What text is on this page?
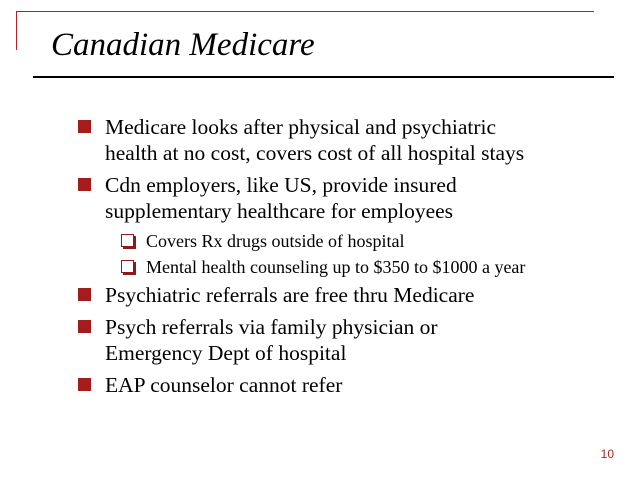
Canadian Medicare
Medicare looks after physical and psychiatric
health at no cost, covers cost of all hospital stays
Cdn employers, like US, provide insured
supplementary healthcare for employees
Covers Rx drugs outside of hospital
Mental health counseling up to $350 to $1000 a year
Psychiatric referrals are free thru Medicare
Psych referrals via family physician or
Emergency Dept of hospital
EAP counselor cannot refer
10
